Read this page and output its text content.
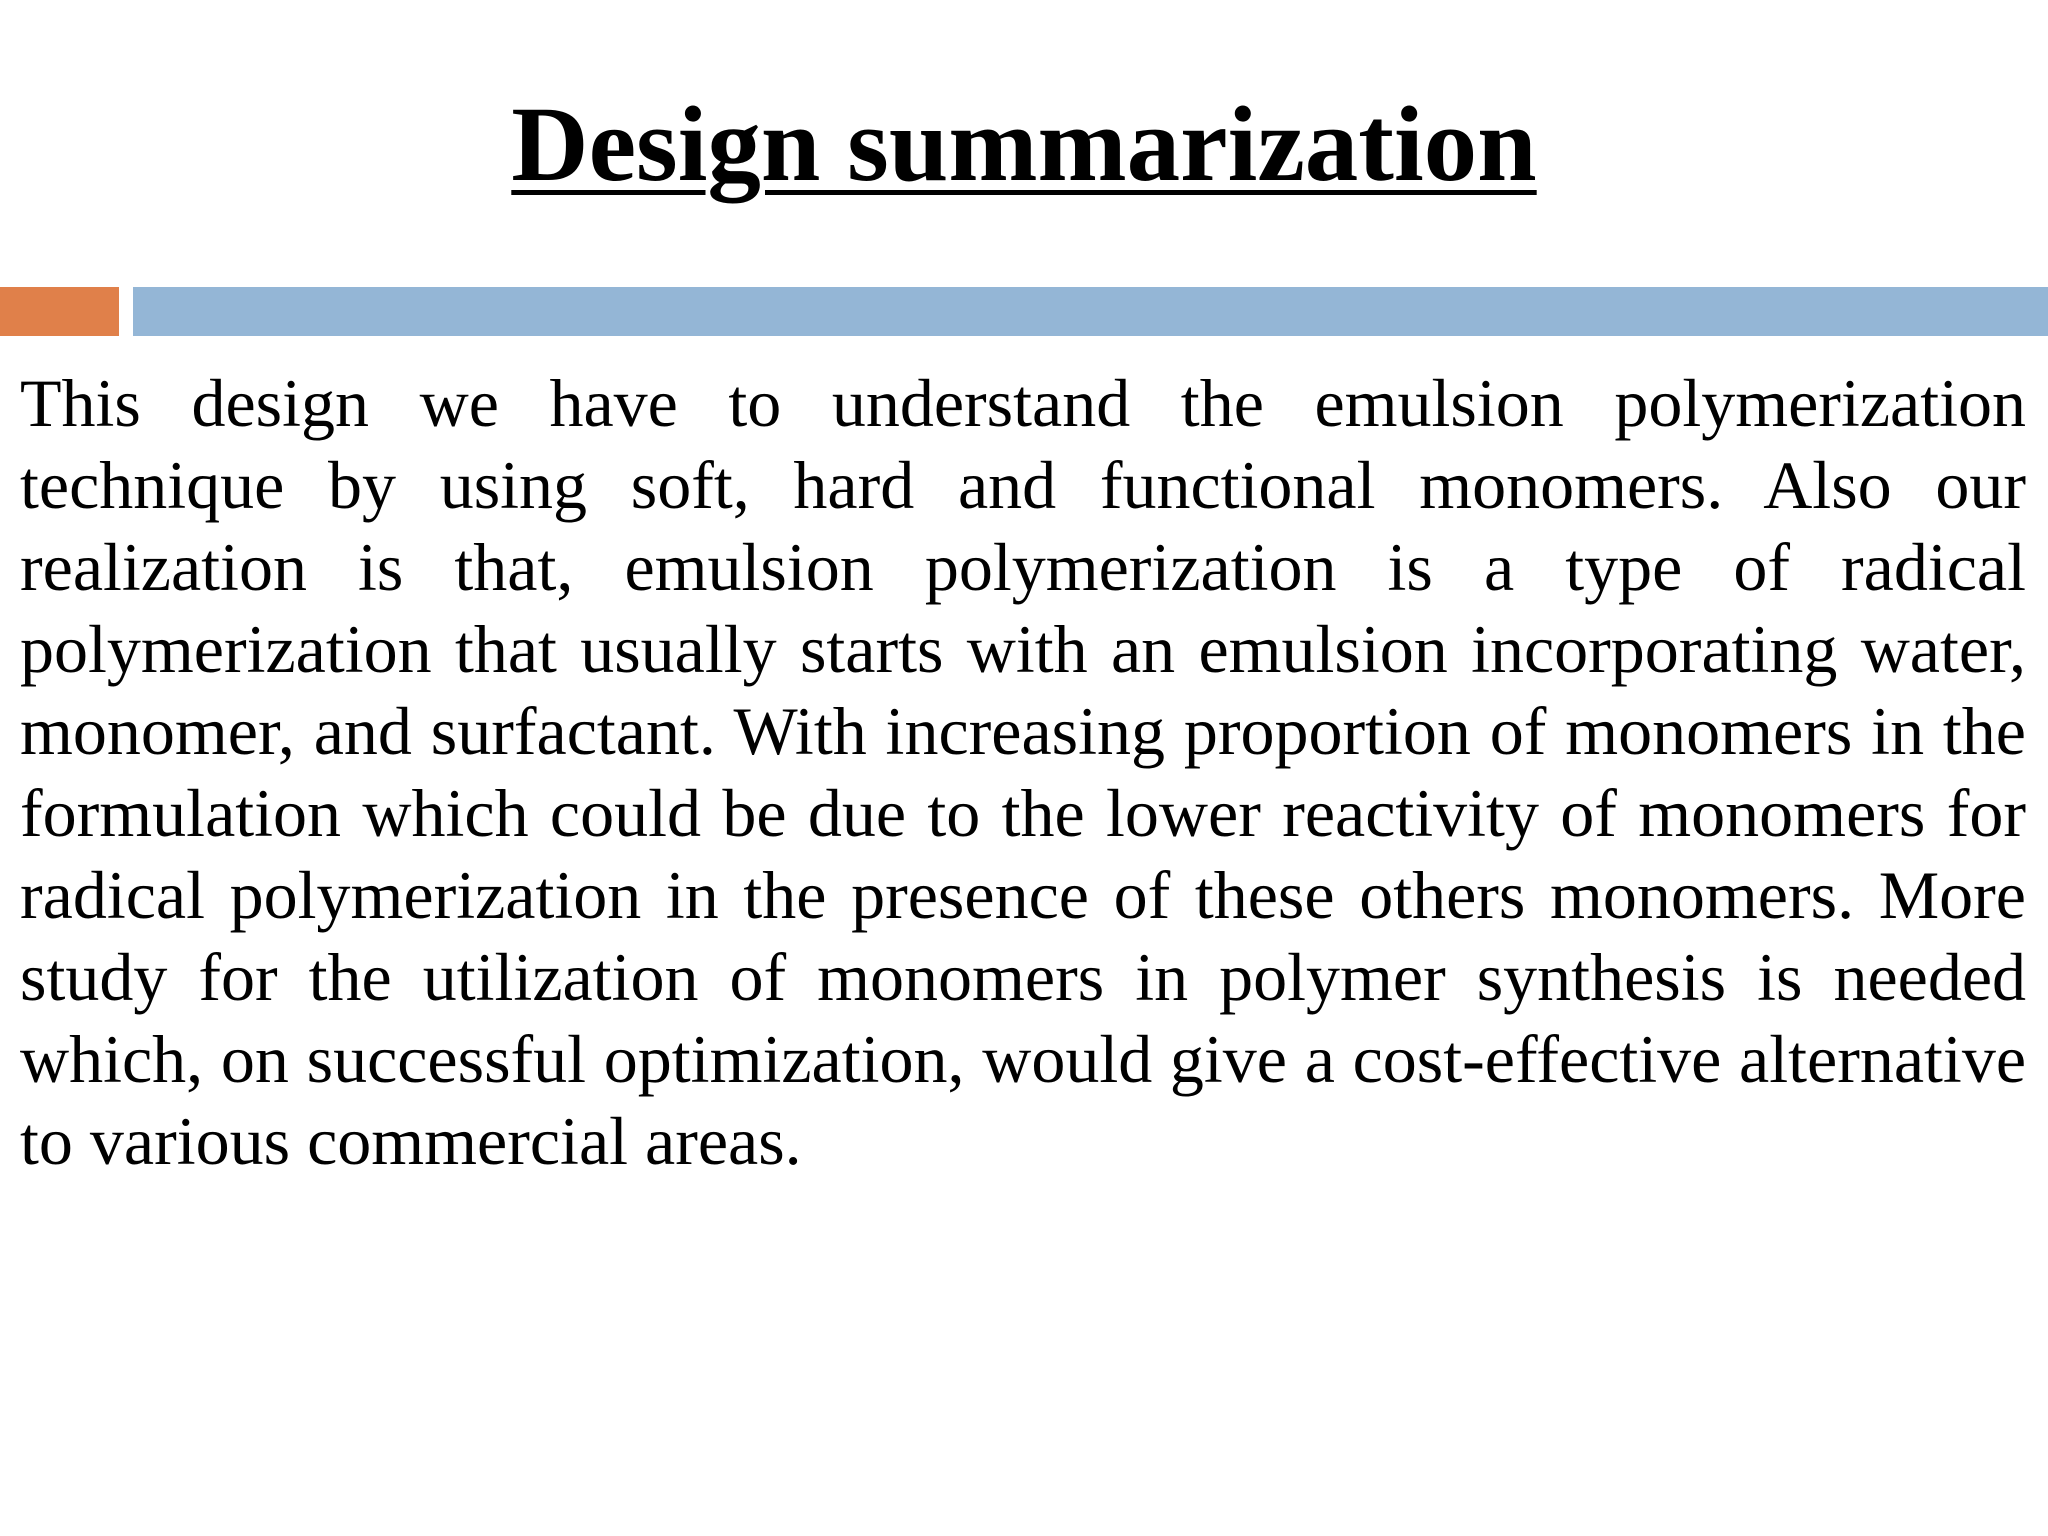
Design summarization

This design we have to understand the emulsion polymerization technique by using soft, hard and functional monomers. Also our realization is that, emulsion polymerization is a type of radical polymerization that usually starts with an emulsion incorporating water, monomer, and surfactant. With increasing proportion of monomers in the formulation which could be due to the lower reactivity of monomers for radical polymerization in the presence of these others monomers. More study for the utilization of monomers in polymer synthesis is needed which, on successful optimization, would give a cost-effective alternative to various commercial areas.
